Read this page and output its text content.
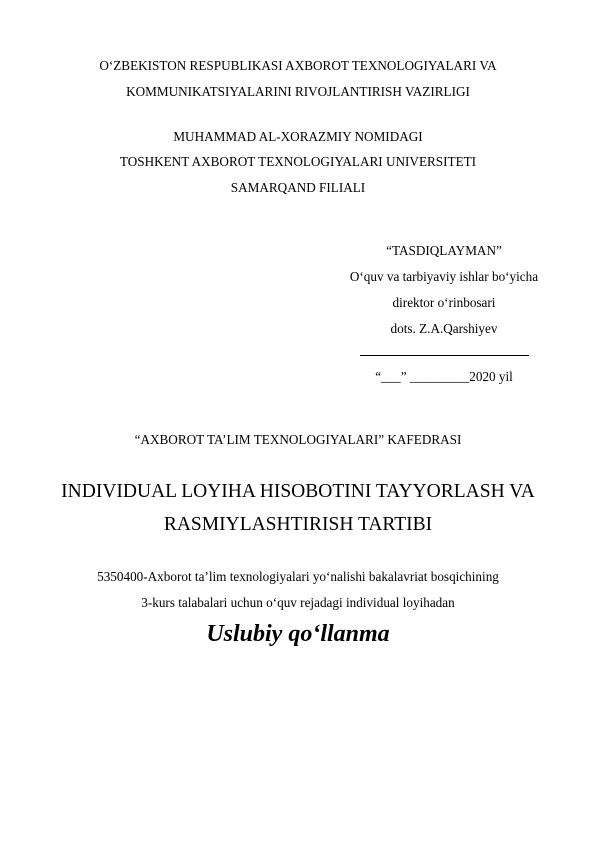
O‘ZBEKISTON RESPUBLIKASI AXBOROT TEXNOLOGIYALARI VA
KOMMUNIKATSIYALARINI RIVOJLANTIRISH VAZIRLIGI
MUHAMMAD AL-XORAZMIY NOMIDAGI
TOSHKENT AXBOROT TEXNOLOGIYALARI UNIVERSITETI
SAMARQAND FILIALI
“TASDIQLAYMAN”
O‘quv va tarbiyaviy ishlar bo‘yicha
direktor o‘rinbosari
dots. Z.A.Qarshiyev
“___” _________2020 yil
“AXBOROT TA’LIM TEXNOLOGIYALARI” KAFEDRASI
INDIVIDUAL LOYIHA HISOBOTINI TAYYORLASH VA
RASMIYLASHTIRISH TARTIBI
5350400-Axborot ta’lim texnologiyalari yo‘nalishi bakalavriat bosqichining
3-kurs talabalari uchun o‘quv rejadagi individual loyihadan
Uslubiy qo‘llanma
